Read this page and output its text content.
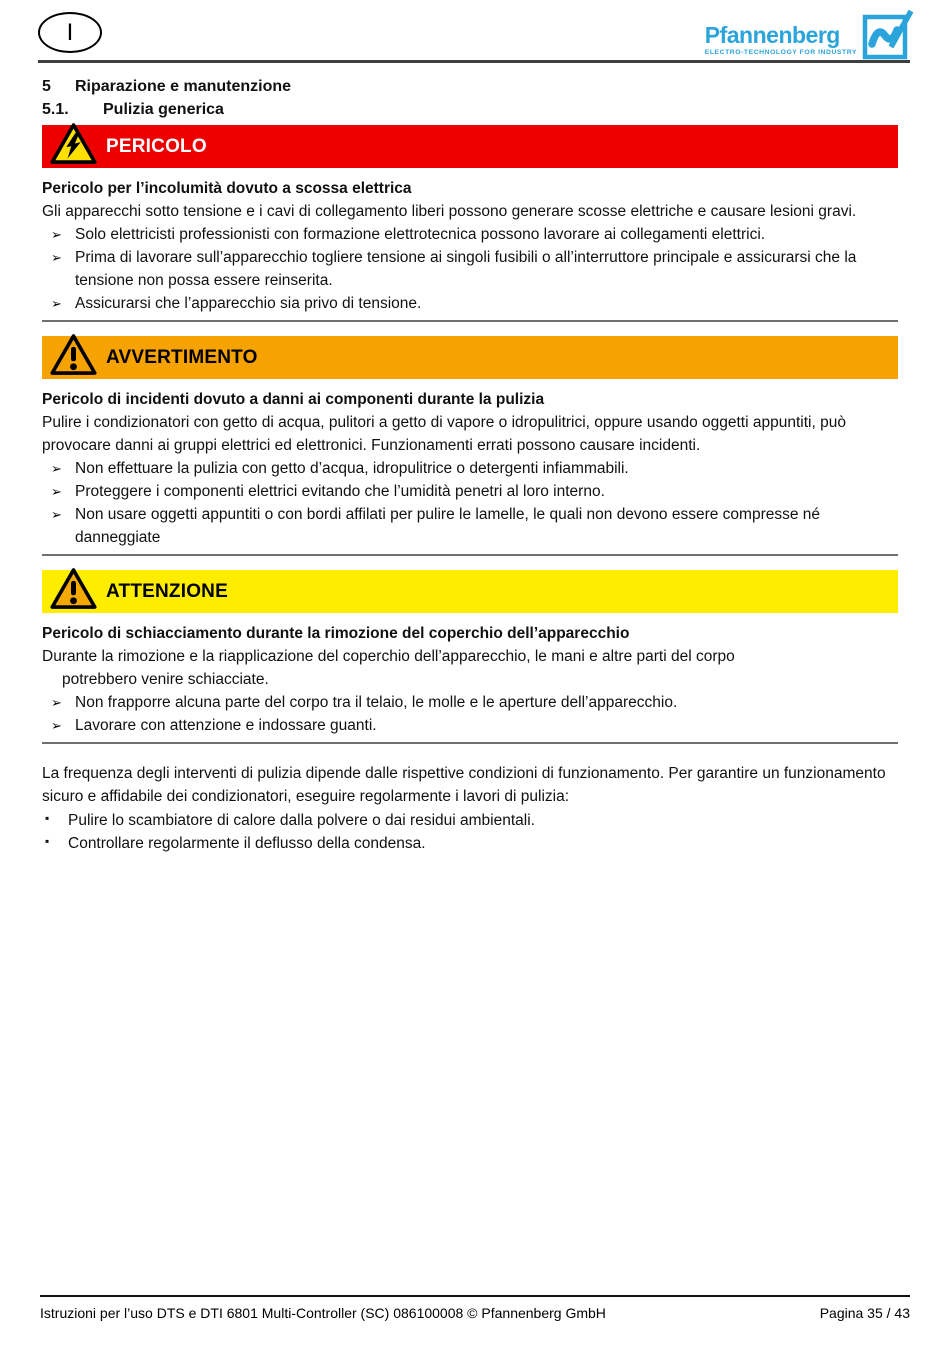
I	Pfannenberg
ELECTRO-TECHNOLOGY FOR INDUSTRY
5	Riparazione e manutenzione
5.1.	Pulizia generica
PERICOLO

Pericolo per l’incolumità dovuto a scossa elettrica

Gli apparecchi sotto tensione e i cavi di collegamento liberi possono generare scosse elettriche e causare lesioni gravi.

➢ Solo elettricisti professionisti con formazione elettrotecnica possono lavorare ai collegamenti elettrici.
➢ Prima di lavorare sull’apparecchio togliere tensione ai singoli fusibili o all’interruttore principale e assicurarsi che la tensione non possa essere reinserita.
➢ Assicurarsi che l’apparecchio sia privo di tensione.
AVVERTIMENTO

Pericolo di incidenti dovuto a danni ai componenti durante la pulizia

Pulire i condizionatori con getto di acqua, pulitori a getto di vapore o idropulitrici, oppure usando oggetti appuntiti, può provocare danni ai gruppi elettrici ed elettronici. Funzionamenti errati possono causare incidenti.

➢ Non effettuare la pulizia con getto d’acqua, idropulitrice o detergenti infiammabili.
➢ Proteggere i componenti elettrici evitando che l’umidità penetri al loro interno.
➢ Non usare oggetti appuntiti o con bordi affilati per pulire le lamelle, le quali non devono essere compresse né danneggiate
ATTENZIONE

Pericolo di schiacciamento durante la rimozione del coperchio dell’apparecchio

Durante la rimozione e la riapplicazione del coperchio dell’apparecchio, le mani e altre parti del corpo

potrebbero venire schiacciate.

➢ Non frapporre alcuna parte del corpo tra il telaio, le molle e le aperture dell’apparecchio.
➢ Lavorare con attenzione e indossare guanti.

La frequenza degli interventi di pulizia dipende dalle rispettive condizioni di funzionamento. Per garantire un funzionamento sicuro e affidabile dei condizionatori, eseguire regolarmente i lavori di pulizia:

▪ Pulire lo scambiatore di calore dalla polvere o dai residui ambientali.
▪ Controllare regolarmente il deflusso della condensa.
Istruzioni per l’uso DTS e DTI 6801 Multi-Controller (SC) 086100008 © Pfannenberg GmbH	Pagina 35 / 43
